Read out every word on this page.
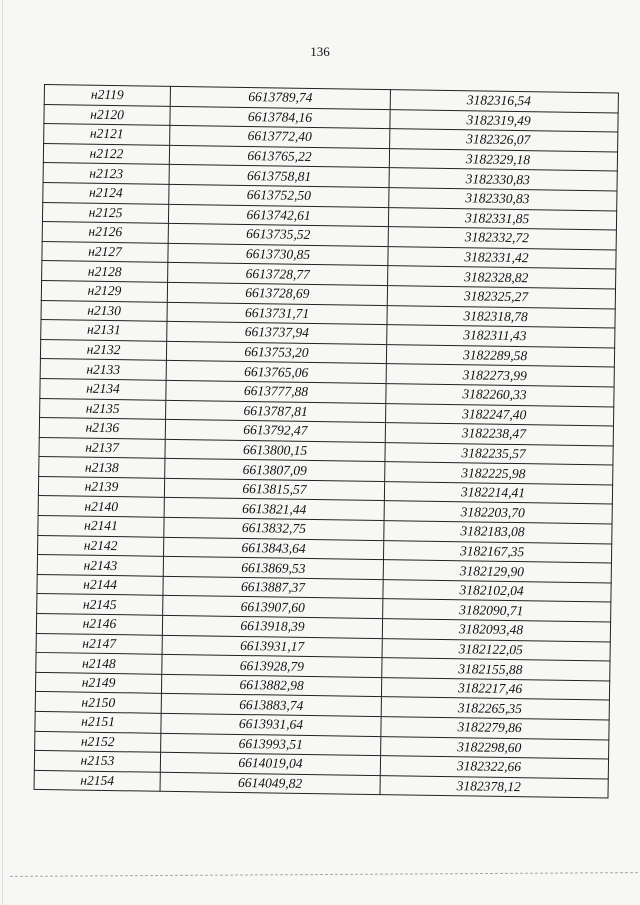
136
н2119	6613789,74	3182316,54
н2120	6613784,16	3182319,49
н2121	6613772,40	3182326,07
н2122	6613765,22	3182329,18
н2123	6613758,81	3182330,83
н2124	6613752,50	3182330,83
н2125	6613742,61	3182331,85
н2126	6613735,52	3182332,72
н2127	6613730,85	3182331,42
н2128	6613728,77	3182328,82
н2129	6613728,69	3182325,27
н2130	6613731,71	3182318,78
н2131	6613737,94	3182311,43
н2132	6613753,20	3182289,58
н2133	6613765,06	3182273,99
н2134	6613777,88	3182260,33
н2135	6613787,81	3182247,40
н2136	6613792,47	3182238,47
н2137	6613800,15	3182235,57
н2138	6613807,09	3182225,98
н2139	6613815,57	3182214,41
н2140	6613821,44	3182203,70
н2141	6613832,75	3182183,08
н2142	6613843,64	3182167,35
н2143	6613869,53	3182129,90
н2144	6613887,37	3182102,04
н2145	6613907,60	3182090,71
н2146	6613918,39	3182093,48
н2147	6613931,17	3182122,05
н2148	6613928,79	3182155,88
н2149	6613882,98	3182217,46
н2150	6613883,74	3182265,35
н2151	6613931,64	3182279,86
н2152	6613993,51	3182298,60
н2153	6614019,04	3182322,66
н2154	6614049,82	3182378,12
